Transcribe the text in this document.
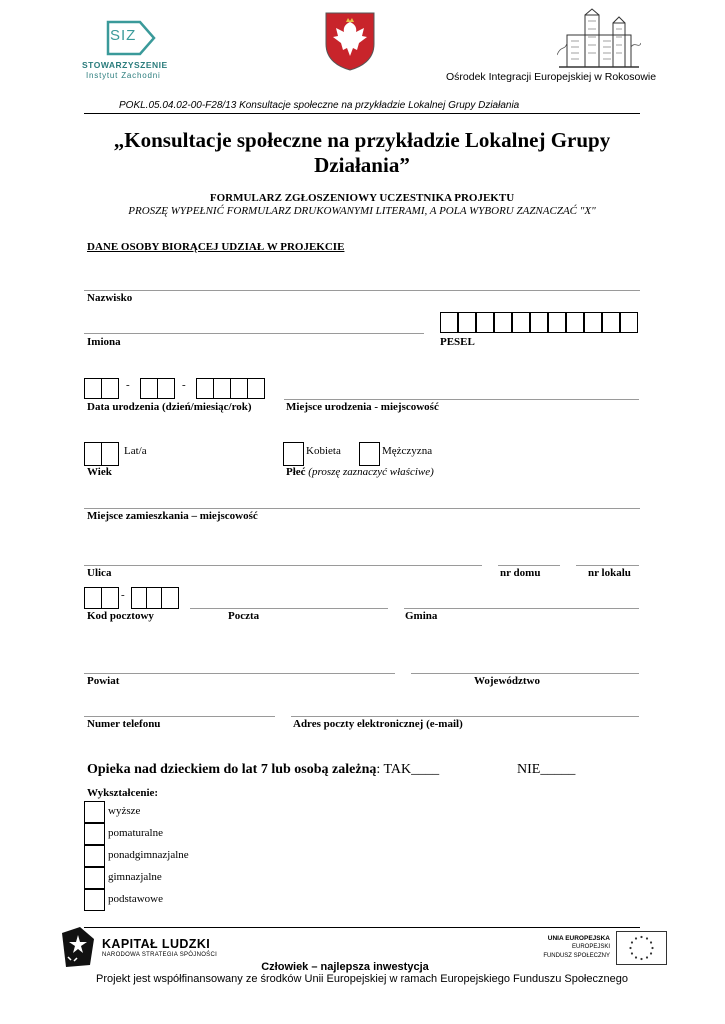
SIZ
STOWARZYSZENIE
Instytut Zachodni	Ośrodek Integracji Europejskiej w Rokosowie
POKL.05.04.02-00-F28/13 Konsultacje społeczne na przykładzie Lokalnej Grupy Działania
„Konsultacje społeczne na przykładzie Lokalnej Grupy
Działania”
FORMULARZ ZGŁOSZENIOWY UCZESTNIKA PROJEKTU
PROSZĘ WYPEŁNIĆ FORMULARZ DRUKOWANYMI LITERAMI, A POLA WYBORU ZAZNACZAĆ "X"
DANE OSOBY BIORĄCEJ UDZIAŁ W PROJEKCIE
Nazwisko
Imiona	PESEL
-	-
Data urodzenia (dzień/miesiąc/rok)	Miejsce urodzenia - miejscowość
Lat/a
Wiek
Kobieta	Mężczyzna
Płeć (proszę zaznaczyć właściwe)
Miejsce zamieszkania – miejscowość
Ulica	nr domu	nr lokalu
-
Kod pocztowy	Poczta	Gmina
Powiat	Województwo
Numer telefonu	Adres poczty elektronicznej (e-mail)
Opieka nad dzieckiem do lat 7 lub osobą zależną: TAK____	NIE_____
Wykształcenie:
wyższe
pomaturalne
ponadgimnazjalne
gimnazjalne
podstawowe
KAPITAŁ LUDZKI
NARODOWA STRATEGIA SPÓJNOŚCI
UNIA EUROPEJSKA
EUROPEJSKI
FUNDUSZ SPOŁECZNY
Człowiek – najlepsza inwestycja
Projekt jest współfinansowany ze środków Unii Europejskiej w ramach Europejskiego Funduszu Społecznego
